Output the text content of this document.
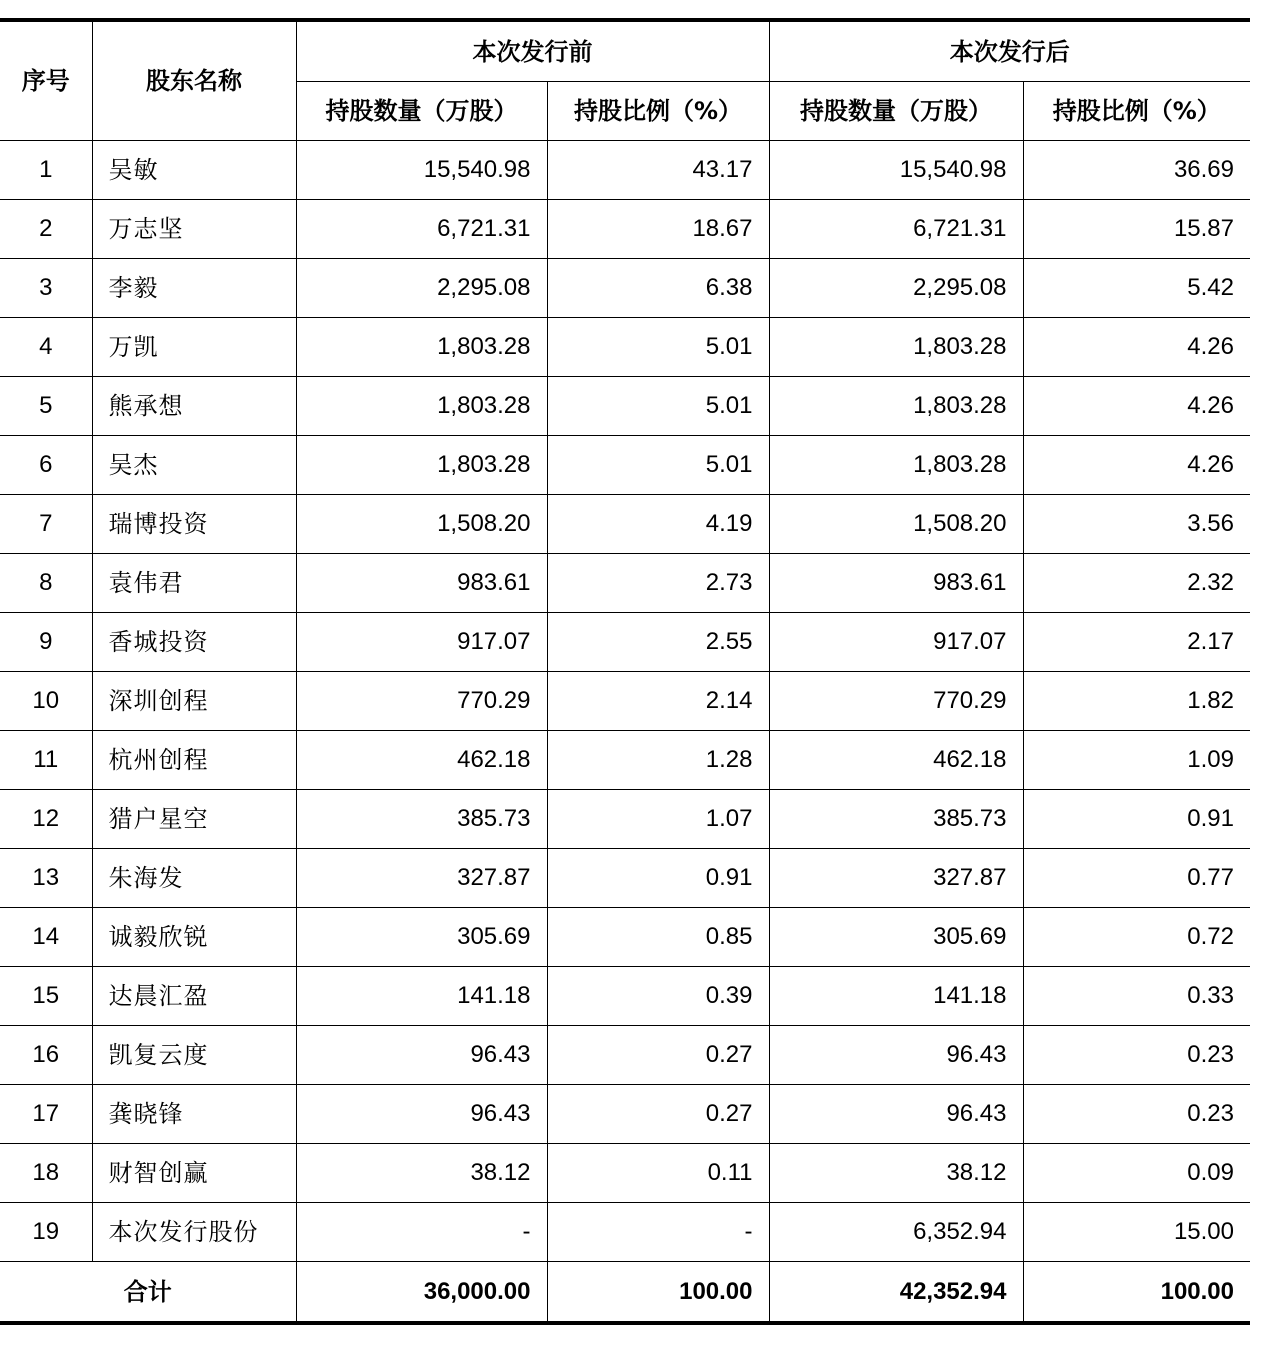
序号	股东名称	本次发行前		本次发行后	
		持股数量（万股）	持股比例（%）	持股数量（万股）	持股比例（%）
1	吴敏	15,540.98	43.17	15,540.98	36.69
2	万志坚	6,721.31	18.67	6,721.31	15.87
3	李毅	2,295.08	6.38	2,295.08	5.42
4	万凯	1,803.28	5.01	1,803.28	4.26
5	熊承想	1,803.28	5.01	1,803.28	4.26
6	吴杰	1,803.28	5.01	1,803.28	4.26
7	瑞博投资	1,508.20	4.19	1,508.20	3.56
8	袁伟君	983.61	2.73	983.61	2.32
9	香城投资	917.07	2.55	917.07	2.17
10	深圳创程	770.29	2.14	770.29	1.82
11	杭州创程	462.18	1.28	462.18	1.09
12	猎户星空	385.73	1.07	385.73	0.91
13	朱海发	327.87	0.91	327.87	0.77
14	诚毅欣锐	305.69	0.85	305.69	0.72
15	达晨汇盈	141.18	0.39	141.18	0.33
16	凯复云度	96.43	0.27	96.43	0.23
17	龚晓锋	96.43	0.27	96.43	0.23
18	财智创赢	38.12	0.11	38.12	0.09
19	本次发行股份	-	-	6,352.94	15.00
合计		36,000.00	100.00	42,352.94	100.00
